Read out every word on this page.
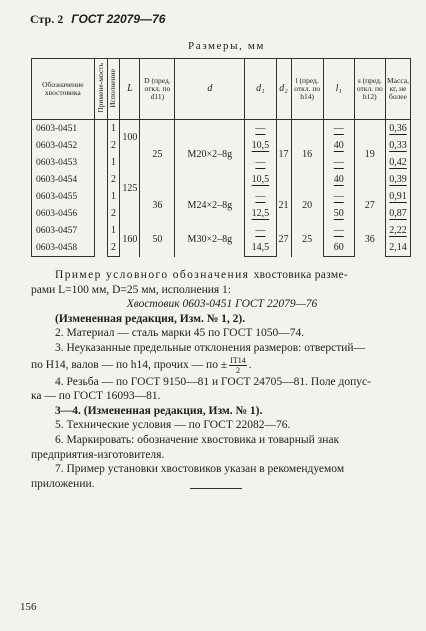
Стр. 2 ГОСТ 22079—76
Размеры, мм
Обозначение хвостовика	Примене-мость	Исполнение	L	D (пред. откл. по d11)	d	d₁	d₂	l (пред. откл. по h14)	l₁	s (пред. откл. по h12)	Масса, кг, не более
0603-0451		1	100	25	М20×2–8g	—	17	16	—	19	0,36
0603-0452		2				10,5			40		0,33
0603-0453		1	125			—			—		0,42
0603-0454		2				10,5			40		0,39
0603-0455		1		36	М24×2–8g	—	21	20	—	27	0,91
0603-0456		2				12,5			50		0,87
0603-0457		1	160	50	М30×2–8g	—	27	25	—	36	2,22
0603-0458		2				14,5			60		2,14

Пример условного обозначения хвостовика разме-

рами L=100 мм, D=25 мм, исполнения 1:

Хвостовик 0603-0451 ГОСТ 22079—76

(Измененная редакция, Изм. № 1, 2).

2. Материал — сталь марки 45 по ГОСТ 1050—74.

3. Неуказанные предельные отклонения размеров: отверстий—

по Н14, валов — по h14, прочих — по ± $\frac{IT14}{2}$ .

4. Резьба — по ГОСТ 9150—81 и ГОСТ 24705—81. Поле допус-

ка — по ГОСТ 16093—81.

3—4. (Измененная редакция, Изм. № 1).

5. Технические условия — по ГОСТ 22082—76.

6. Маркировать: обозначение хвостовика и товарный знак

предприятия-изготовителя.

7. Пример установки хвостовиков указан в рекомендуемом

приложении.

156
